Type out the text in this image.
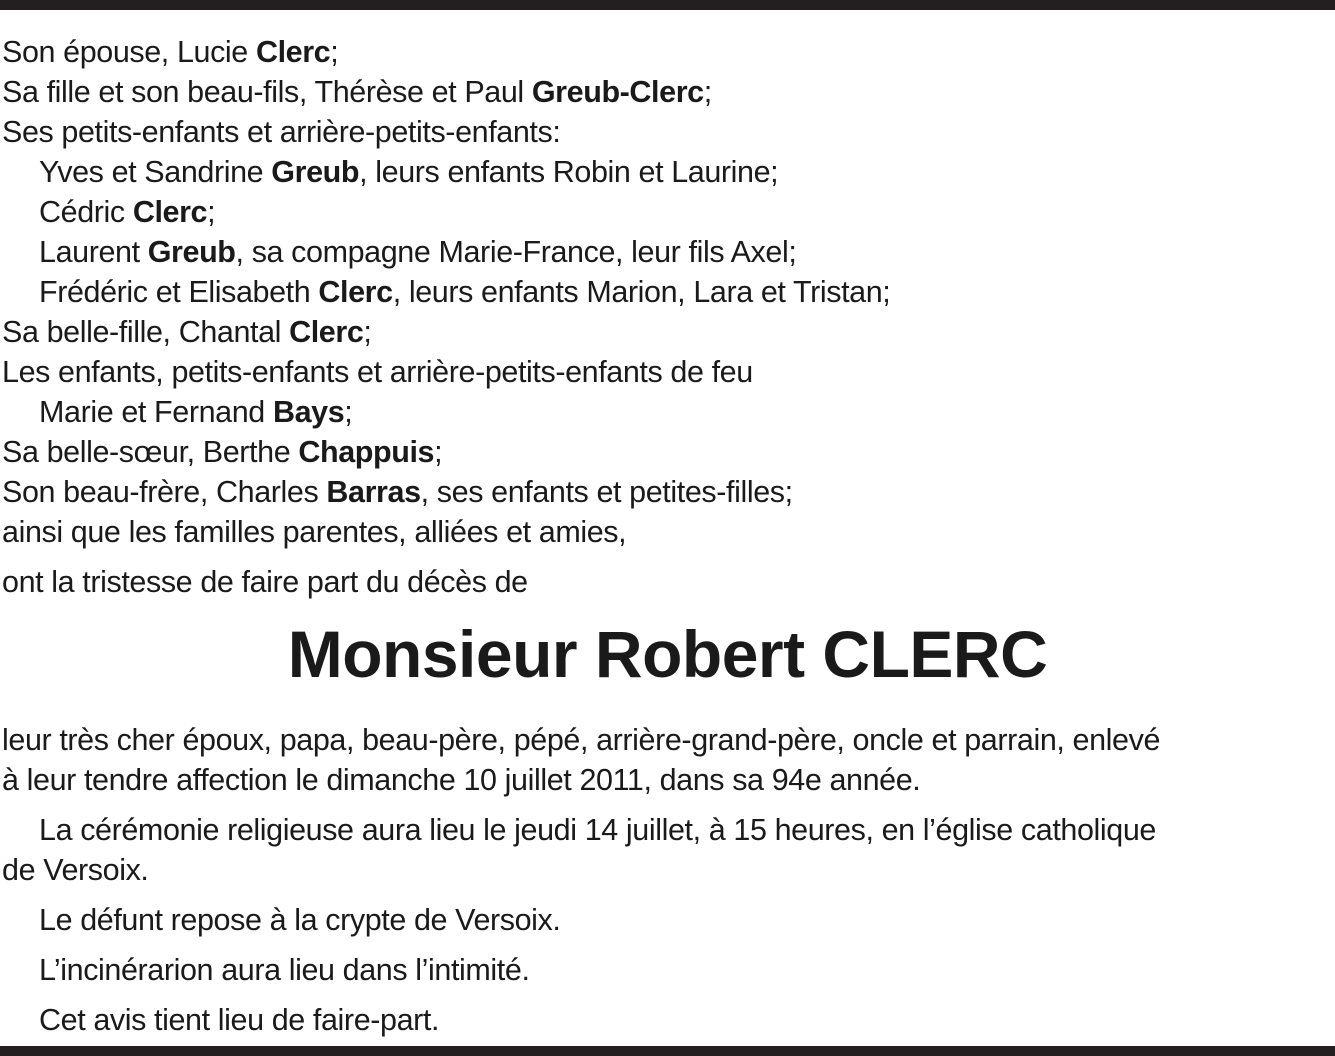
Son épouse, Lucie Clerc;
Sa fille et son beau-fils, Thérèse et Paul Greub-Clerc;
Ses petits-enfants et arrière-petits-enfants:
Yves et Sandrine Greub, leurs enfants Robin et Laurine;
Cédric Clerc;
Laurent Greub, sa compagne Marie-France, leur fils Axel;
Frédéric et Elisabeth Clerc, leurs enfants Marion, Lara et Tristan;
Sa belle-fille, Chantal Clerc;
Les enfants, petits-enfants et arrière-petits-enfants de feu
Marie et Fernand Bays;
Sa belle-sœur, Berthe Chappuis;
Son beau-frère, Charles Barras, ses enfants et petites-filles;
ainsi que les familles parentes, alliées et amies,
ont la tristesse de faire part du décès de
Monsieur Robert CLERC
leur très cher époux, papa, beau-père, pépé, arrière-grand-père, oncle et parrain, enlevé
à leur tendre affection le dimanche 10 juillet 2011, dans sa 94e année.
La cérémonie religieuse aura lieu le jeudi 14 juillet, à 15 heures, en l’église catholique
de Versoix.
Le défunt repose à la crypte de Versoix.
L’incinérarion aura lieu dans l’intimité.
Cet avis tient lieu de faire-part.
